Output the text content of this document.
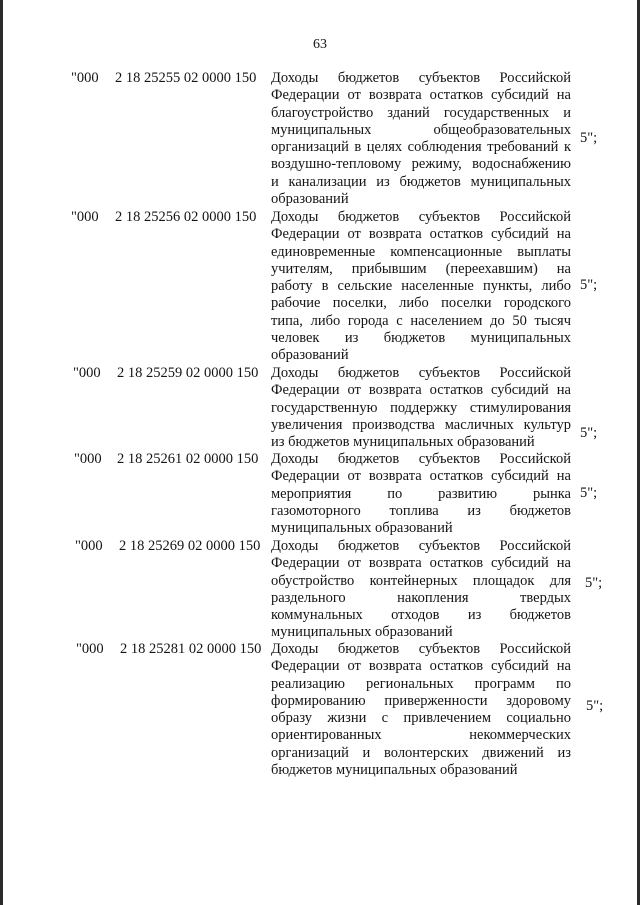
63
"000 2 18 25255 02 0000 150 Доходы бюджетов субъектов Российской
Федерации от возврата остатков субсидий на
благоустройство зданий государственных и
муниципальных общеобразовательных
организаций в целях соблюдения требований к
воздушно-тепловому режиму, водоснабжению
и канализации из бюджетов муниципальных
образований
5";
"000 2 18 25256 02 0000 150 Доходы бюджетов субъектов Российской
Федерации от возврата остатков субсидий на
единовременные компенсационные выплаты
учителям, прибывшим (переехавшим) на
работу в сельские населенные пункты, либо
рабочие поселки, либо поселки городского
типа, либо города с населением до 50 тысяч
человек из бюджетов муниципальных
образований
5";
"000 2 18 25259 02 0000 150 Доходы бюджетов субъектов Российской
Федерации от возврата остатков субсидий на
государственную поддержку стимулирования
увеличения производства масличных культур
из бюджетов муниципальных образований
5";
"000 2 18 25261 02 0000 150 Доходы бюджетов субъектов Российской
Федерации от возврата остатков субсидий на
мероприятия по развитию рынка
газомоторного топлива из бюджетов
муниципальных образований
5";
"000 2 18 25269 02 0000 150 Доходы бюджетов субъектов Российской
Федерации от возврата остатков субсидий на
обустройство контейнерных площадок для
раздельного накопления твердых
коммунальных отходов из бюджетов
муниципальных образований
5";
"000 2 18 25281 02 0000 150 Доходы бюджетов субъектов Российской
Федерации от возврата остатков субсидий на
реализацию региональных программ по
формированию приверженности здоровому
образу жизни с привлечением социально
ориентированных некоммерческих
организаций и волонтерских движений из
бюджетов муниципальных образований
5";
